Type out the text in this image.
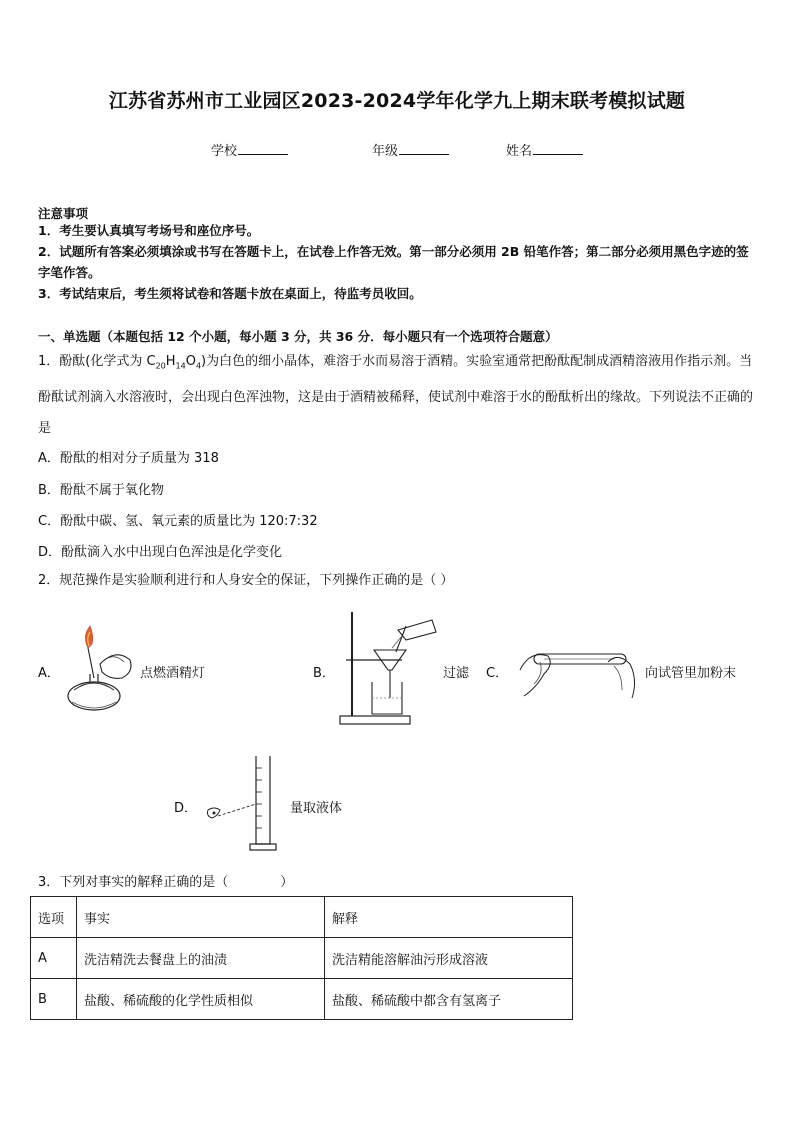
江苏省苏州市工业园区2023-2024学年化学九上期末联考模拟试题
学校	年级	姓名
注意事项
1．考生要认真填写考场号和座位序号。
2．试题所有答案必须填涂或书写在答题卡上，在试卷上作答无效。第一部分必须用 2B 铅笔作答；第二部分必须用黑色字迹的签字笔作答。
3．考试结束后，考生须将试卷和答题卡放在桌面上，待监考员收回。
一、单选题（本题包括 12 个小题，每小题 3 分，共 36 分．每小题只有一个选项符合题意）
1．酚酞(化学式为 $C_{20}H_{14}O_4$)为白色的细小晶体，难溶于水而易溶于酒精。实验室通常把酚酞配制成酒精溶液用作指示剂。当酚酞试剂滴入水溶液时，会出现白色浑浊物，这是由于酒精被稀释，使试剂中难溶于水的酚酞析出的缘故。下列说法不正确的是
A．酚酞的相对分子质量为 318
B．酚酞不属于氧化物
C．酚酞中碳、氢、氧元素的质量比为 120:7:32
D．酚酞滴入水中出现白色浑浊是化学变化
2．规范操作是实验顺利进行和人身安全的保证，下列操作正确的是（ ）
A．	点燃酒精灯	B．	过滤 C．	向试管里加粉末
D．	量取液体
3．下列对事实的解释正确的是（　　　　）
选项	事实	解释
A	洗洁精洗去餐盘上的油渍	洗洁精能溶解油污形成溶液
B	盐酸、稀硫酸的化学性质相似	盐酸、稀硫酸中都含有氢离子
